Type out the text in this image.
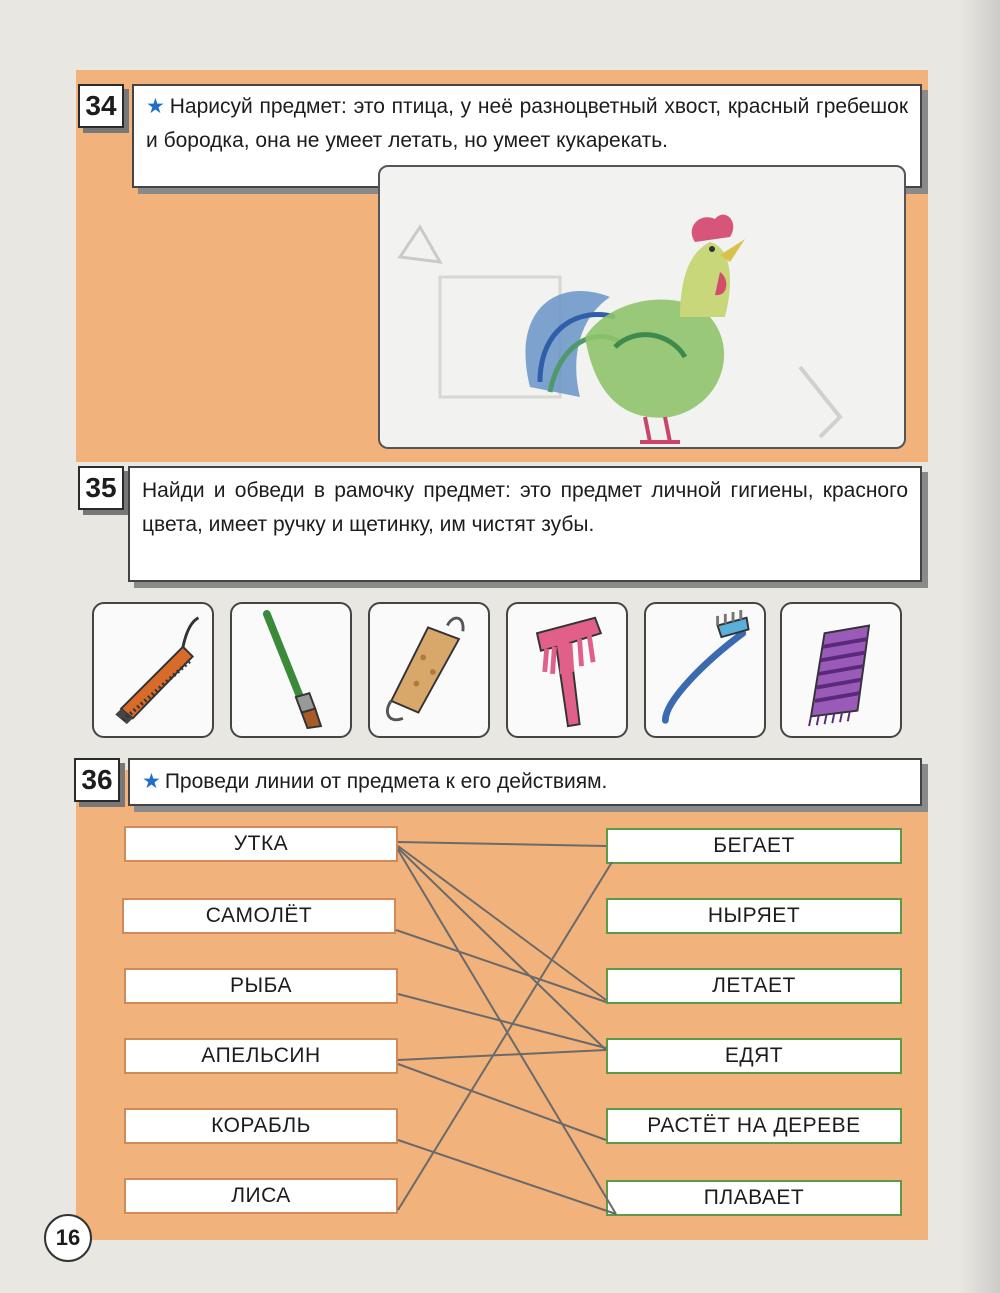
34	★ Нарисуй предмет: это птица, у неё разноцветный хвост, красный гребешок и бородка, она не умеет летать, но умеет кукарекать.
35	Найди и обведи в рамочку предмет: это предмет личной гигиены, красного цвета, имеет ручку и щетинку, им чистят зубы.
36	★ Проведи линии от предмета к его действиям.
УТКА
САМОЛЁТ
РЫБА
АПЕЛЬСИН
КОРАБЛЬ
ЛИСА
БЕГАЕТ
НЫРЯЕТ
ЛЕТАЕТ
ЕДЯТ
РАСТЁТ НА ДЕРЕВЕ
ПЛАВАЕТ
16
